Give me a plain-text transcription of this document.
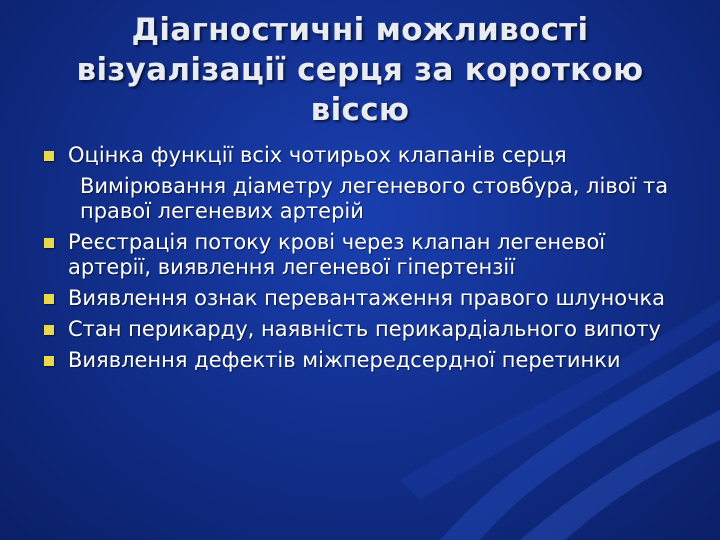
Діагностичні можливості візуалізації серця за короткою віссю
Оцінка функції всіх чотирьох клапанів серця
Вимірювання діаметру легеневого стовбура, лівої та правої легеневих артерій
Реєстрація потоку крові через клапан легеневої артерії, виявлення легеневої гіпертензії
Виявлення ознак перевантаження правого шлуночка
Стан перикарду, наявність перикардіального випоту
Виявлення дефектів міжпередсердної перетинки
